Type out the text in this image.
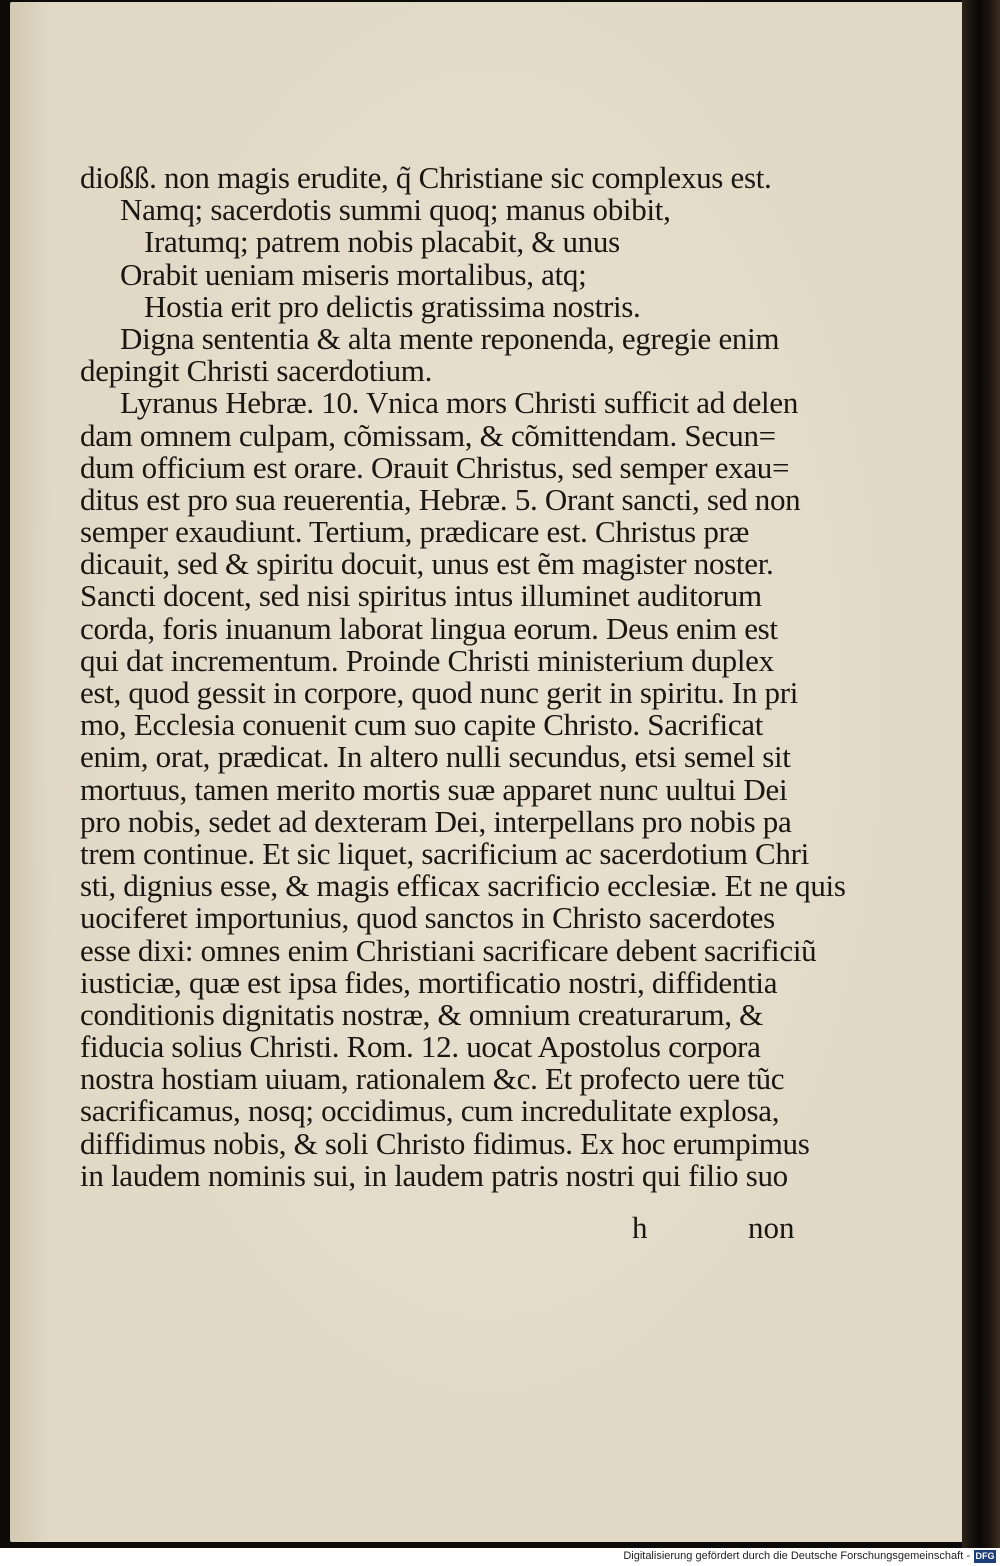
dioßß. non magis erudite, q̃ Christiane sic complexus est.
Namq; sacerdotis summi quoq; manus obibit,
Iratumq; patrem nobis placabit, & unus
Orabit ueniam miseris mortalibus, atq;
Hostia erit pro delictis gratissima nostris.
Digna sententia & alta mente reponenda, egregie enim
depingit Christi sacerdotium.
Lyranus Hebræ. 10. Vnica mors Christi sufficit ad delen
dam omnem culpam, cõmissam, & cõmittendam. Secun=
dum officium est orare. Orauit Christus, sed semper exau=
ditus est pro sua reuerentia, Hebræ. 5. Orant sancti, sed non
semper exaudiunt. Tertium, prædicare est. Christus præ
dicauit, sed & spiritu docuit, unus est ẽm magister noster.
Sancti docent, sed nisi spiritus intus illuminet auditorum
corda, foris inuanum laborat lingua eorum. Deus enim est
qui dat incrementum. Proinde Christi ministerium duplex
est, quod gessit in corpore, quod nunc gerit in spiritu. In pri
mo, Ecclesia conuenit cum suo capite Christo. Sacrificat
enim, orat, prædicat. In altero nulli secundus, etsi semel sit
mortuus, tamen merito mortis suæ apparet nunc uultui Dei
pro nobis, sedet ad dexteram Dei, interpellans pro nobis pa
trem continue. Et sic liquet, sacrificium ac sacerdotium Chri
sti, dignius esse, & magis efficax sacrificio ecclesiæ. Et ne quis
uociferet importunius, quod sanctos in Christo sacerdotes
esse dixi: omnes enim Christiani sacrificare debent sacrificiũ
iusticiæ, quæ est ipsa fides, mortificatio nostri, diffidentia
conditionis dignitatis nostræ, & omnium creaturarum, &
fiducia solius Christi. Rom. 12. uocat Apostolus corpora
nostra hostiam uiuam, rationalem &c. Et profecto uere tũc
sacrificamus, nosq; occidimus, cum incredulitate explosa,
diffidimus nobis, & soli Christo fidimus. Ex hoc erumpimus
in laudem nominis sui, in laudem patris nostri qui filio suo
h	non
Digitalisierung gefördert durch die Deutsche Forschungsgemeinschaft - DFG
